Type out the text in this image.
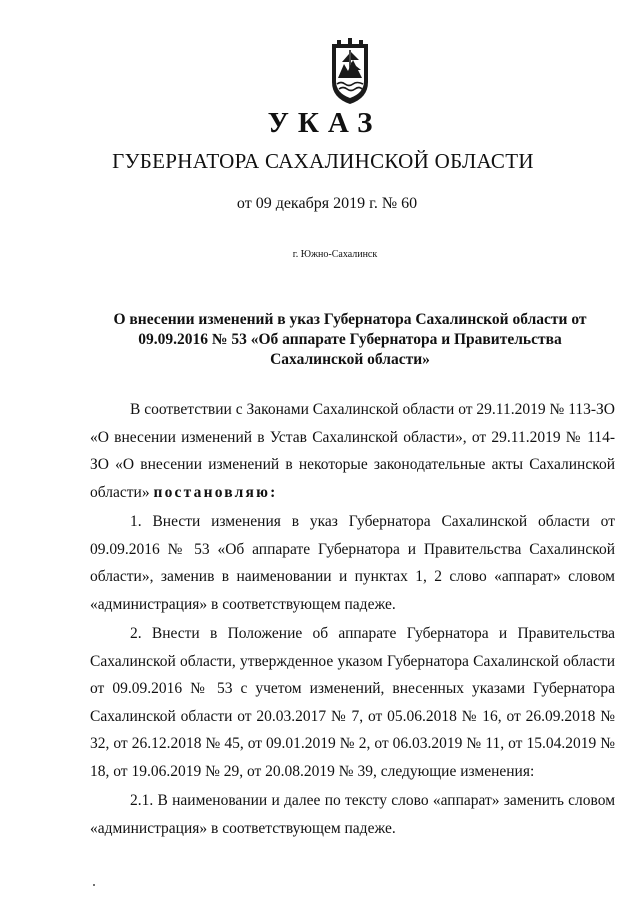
УКАЗ
ГУБЕРНАТОРА САХАЛИНСКОЙ ОБЛАСТИ
от 09 декабря 2019 г. № 60
г. Южно-Сахалинск
О внесении изменений в указ Губернатора Сахалинской области от 09.09.2016 № 53 «Об аппарате Губернатора и Правительства Сахалинской области»

В соответствии с Законами Сахалинской области от 29.11.2019 № 113-ЗО «О внесении изменений в Устав Сахалинской области», от 29.11.2019 № 114-ЗО «О внесении изменений в некоторые законодательные акты Сахалинской области» постановляю:

1. Внести изменения в указ Губернатора Сахалинской области от 09.09.2016 № 53 «Об аппарате Губернатора и Правительства Сахалинской области», заменив в наименовании и пунктах 1, 2 слово «аппарат» словом «администрация» в соответствующем падеже.

2. Внести в Положение об аппарате Губернатора и Правительства Сахалинской области, утвержденное указом Губернатора Сахалинской области от 09.09.2016 № 53 с учетом изменений, внесенных указами Губернатора Сахалинской области от 20.03.2017 № 7, от 05.06.2018 № 16, от 26.09.2018 № 32, от 26.12.2018 № 45, от 09.01.2019 № 2, от 06.03.2019 № 11, от 15.04.2019 № 18, от 19.06.2019 № 29, от 20.08.2019 № 39, следующие изменения:

2.1. В наименовании и далее по тексту слово «аппарат» заменить словом «администрация» в соответствующем падеже.
